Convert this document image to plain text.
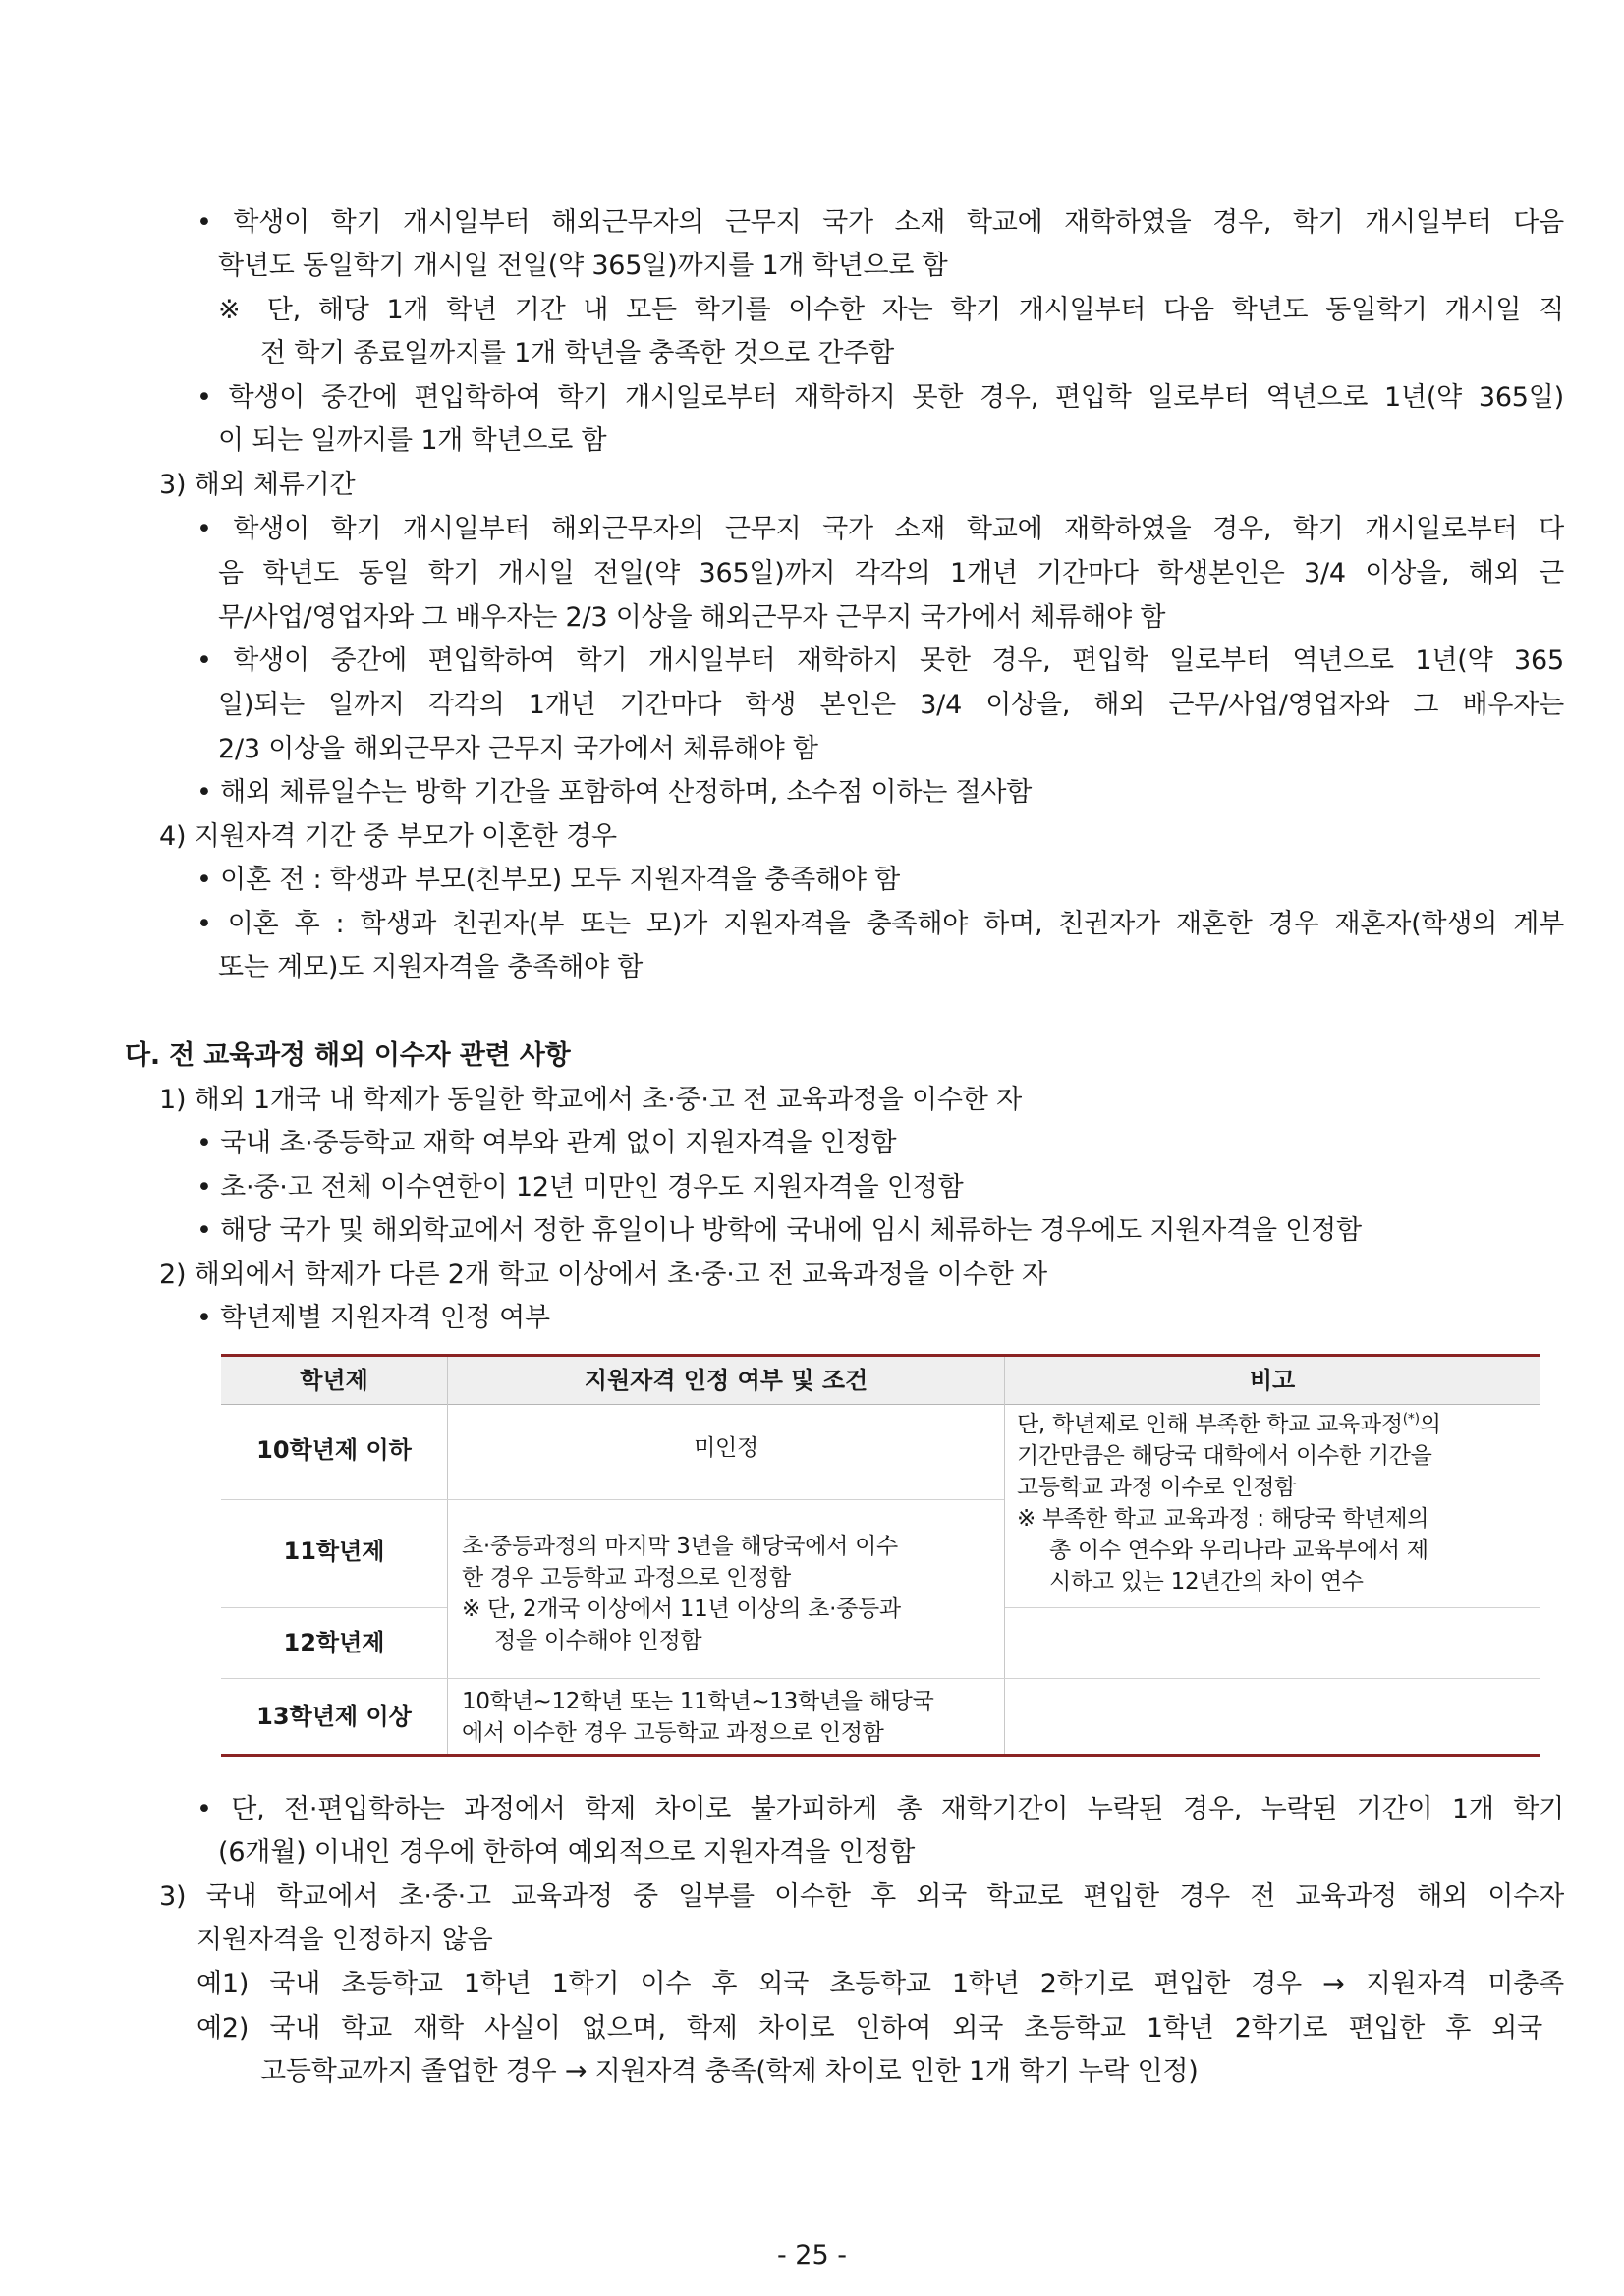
• 학생이 학기 개시일부터 해외근무자의 근무지 국가 소재 학교에 재학하였을 경우, 학기 개시일부터 다음
학년도 동일학기 개시일 전일(약 365일)까지를 1개 학년으로 함
※ 단, 해당 1개 학년 기간 내 모든 학기를 이수한 자는 학기 개시일부터 다음 학년도 동일학기 개시일 직
전 학기 종료일까지를 1개 학년을 충족한 것으로 간주함
• 학생이 중간에 편입학하여 학기 개시일로부터 재학하지 못한 경우, 편입학 일로부터 역년으로 1년(약 365일)
이 되는 일까지를 1개 학년으로 함
3) 해외 체류기간
• 학생이 학기 개시일부터 해외근무자의 근무지 국가 소재 학교에 재학하였을 경우, 학기 개시일로부터 다
음 학년도 동일 학기 개시일 전일(약 365일)까지 각각의 1개년 기간마다 학생본인은 3/4 이상을, 해외 근
무/사업/영업자와 그 배우자는 2/3 이상을 해외근무자 근무지 국가에서 체류해야 함
• 학생이 중간에 편입학하여 학기 개시일부터 재학하지 못한 경우, 편입학 일로부터 역년으로 1년(약 365
일)되는 일까지 각각의 1개년 기간마다 학생 본인은 3/4 이상을, 해외 근무/사업/영업자와 그 배우자는
2/3 이상을 해외근무자 근무지 국가에서 체류해야 함
• 해외 체류일수는 방학 기간을 포함하여 산정하며, 소수점 이하는 절사함
4) 지원자격 기간 중 부모가 이혼한 경우
• 이혼 전 : 학생과 부모(친부모) 모두 지원자격을 충족해야 함
• 이혼 후 : 학생과 친권자(부 또는 모)가 지원자격을 충족해야 하며, 친권자가 재혼한 경우 재혼자(학생의 계부
또는 계모)도 지원자격을 충족해야 함
다. 전 교육과정 해외 이수자 관련 사항
1) 해외 1개국 내 학제가 동일한 학교에서 초·중·고 전 교육과정을 이수한 자
• 국내 초·중등학교 재학 여부와 관계 없이 지원자격을 인정함
• 초·중·고 전체 이수연한이 12년 미만인 경우도 지원자격을 인정함
• 해당 국가 및 해외학교에서 정한 휴일이나 방학에 국내에 임시 체류하는 경우에도 지원자격을 인정함
2) 해외에서 학제가 다른 2개 학교 이상에서 초·중·고 전 교육과정을 이수한 자
• 학년제별 지원자격 인정 여부
학년제	지원자격 인정 여부 및 조건	비고
10학년제 이하
11학년제
12학년제
13학년제 이상
미인정
초·중등과정의 마지막 3년을 해당국에서 이수
한 경우 고등학교 과정으로 인정함
※ 단, 2개국 이상에서 11년 이상의 초·중등과
정을 이수해야 인정함
10학년~12학년 또는 11학년~13학년을 해당국
에서 이수한 경우 고등학교 과정으로 인정함
단, 학년제로 인해 부족한 학교 교육과정(*)의
기간만큼은 해당국 대학에서 이수한 기간을
고등학교 과정 이수로 인정함
※ 부족한 학교 교육과정 : 해당국 학년제의
총 이수 연수와 우리나라 교육부에서 제
시하고 있는 12년간의 차이 연수
• 단, 전·편입학하는 과정에서 학제 차이로 불가피하게 총 재학기간이 누락된 경우, 누락된 기간이 1개 학기
(6개월) 이내인 경우에 한하여 예외적으로 지원자격을 인정함
3) 국내 학교에서 초·중·고 교육과정 중 일부를 이수한 후 외국 학교로 편입한 경우 전 교육과정 해외 이수자
지원자격을 인정하지 않음
예1) 국내 초등학교 1학년 1학기 이수 후 외국 초등학교 1학년 2학기로 편입한 경우 → 지원자격 미충족
예2) 국내 학교 재학 사실이 없으며, 학제 차이로 인하여 외국 초등학교 1학년 2학기로 편입한 후 외국
고등학교까지 졸업한 경우 → 지원자격 충족(학제 차이로 인한 1개 학기 누락 인정)
- 25 -
